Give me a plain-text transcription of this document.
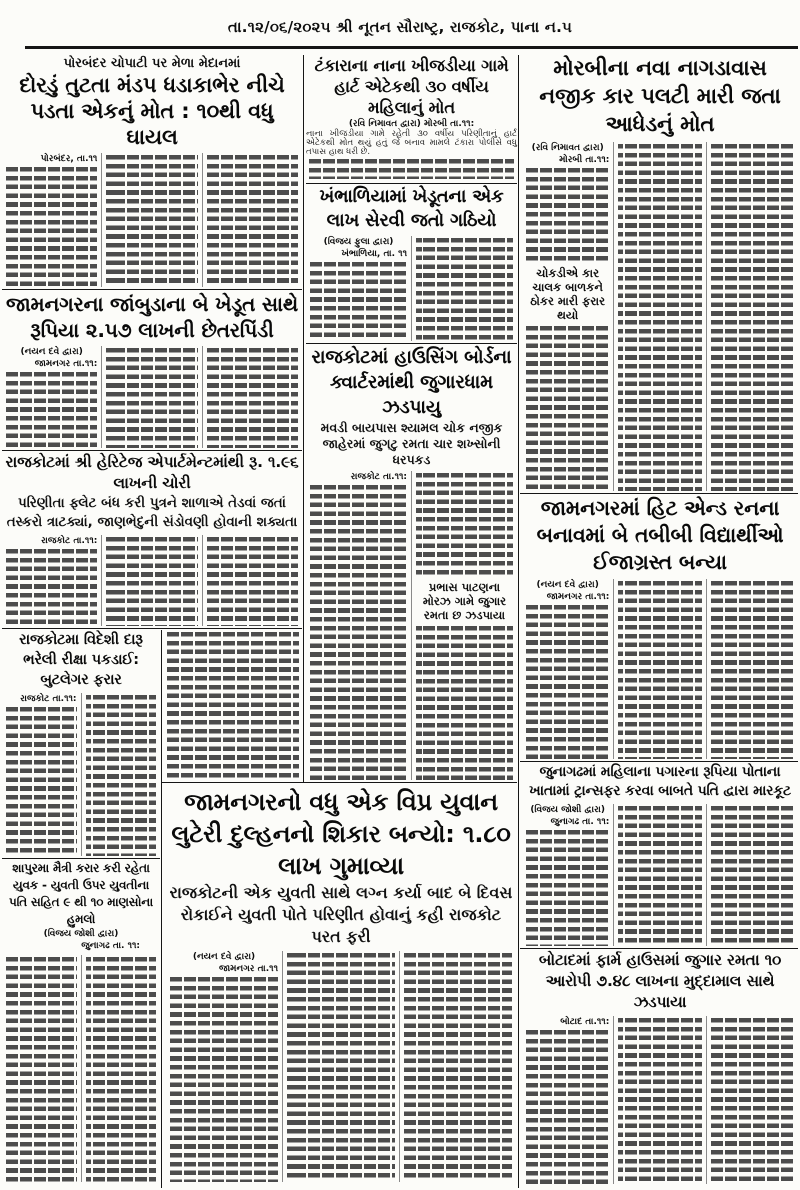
તા.૧૨/૦૬/૨૦૨૫ શ્રી નૂતન સૌરાષ્ટ્ર, રાજકોટ, પાના ન.૫
પોરબંદર ચોપાટી પર મેળા મેદાનમાં
દોરડું તુટતા મંડપ ધડાકાભેર નીચે પડતા એકનું મોત : ૧૦થી વધુ ઘાયલ
પોરબંદર, તા.૧૧
ટંકારાના નાના ખીજડીયા ગામે હાર્ટ એટેકથી ૩૦ વર્ષીય મહિલાનું મોત
(રવિ નિમાવત દ્વારા) મોરબી તા.૧૧:
નાના ખીજડીયા ગામે રહેતી ૩૦ વર્ષીય પરિણીતાનું હાર્ટ એટેકથી મોત થયું હતું જે બનાવ મામલે ટંકારા પોલીસે વધુ તપાસ હાથ ધરી છે.
મોરબીના નવા નાગડાવાસ નજીક કાર પલટી મારી જતા આધેડનું મોત
(રવિ નિમાવત દ્વારા)
મોરબી તા.૧૧:
ચોકડીએ કાર ચાલક બાળકને ઠોકર મારી ફરાર થયો
ખંભાળિયામાં ખેડૂતના એક લાખ સેરવી જતો ગઠિયો
(વિજય ફુલા દ્વારા)
ખંભાળિયા, તા. ૧૧
જામનગરના જાંબુડાના બે ખેડૂત સાથે રૂપિયા ૨.૫૭ લાખની છેતરપિંડી
(નયન દવે દ્વારા)
જામનગર તા.૧૧:	રાજકોટમાં હાઉસિંગ બોર્ડના ક્વાર્ટરમાંથી જુગારધામ ઝડપાયુ
મવડી બાયપાસ શ્યામલ ચોક નજીક જાહેરમાં જુગટુ રમતા ચાર શખ્સોની ધરપકડ
રાજકોટ તા.૧૧:
પ્રભાસ પાટણના મોરઝ ગામે જુગાર રમતા છ ઝડપાયા
રાજકોટમાં શ્રી હેરિટેજ એપાર્ટમેન્ટમાંથી રૂ. ૧.૯૬ લાખની ચોરી
પરિણીતા ફ્લેટ બંધ કરી પુત્રને શાળાએ તેડવાં જતાં તસ્કરો ત્રાટક્યાં, જાણભેદુની સંડોવણી હોવાની શક્યતા
રાજકોટ તા.૧૧:
રાજકોટમા વિદેશી દારૂ ભરેલી રીક્ષા પકડાઈ: બુટલેગર ફરાર
રાજકોટ તા.૧૧:
શાપુરમા મૈત્રી કરાર કરી રહેતા યુવક - યુવતી ઉપર યુવતીના પતિ સહિત ૯ થી ૧૦ માણસોના હુમલો
(વિજય જોશી દ્વારા)
જુનાગઢ તા. ૧૧:
જામનગરનો વધુ એક વિપ્ર યુવાન લુટેરી દુલ્હનનો શિકાર બન્યો: ૧.૮૦ લાખ ગુમાવ્યા
રાજકોટની એક યુવતી સાથે લગ્ન કર્યા બાદ બે દિવસ રોકાઈને યુવતી પોતે પરિણીત હોવાનું કહી રાજકોટ પરત ફરી
(નયન દવે દ્વારા)
જામનગર તા.૧૧
જામનગરમાં હિટ એન્ડ રનના બનાવમાં બે તબીબી વિદ્યાર્થીઓ ઈજાગ્રસ્ત બન્યા
(નયન દવે દ્વારા)
જામનગર તા.૧૧:
જુનાગઢમાં મહિલાના પગારના રૂપિયા પોતાના ખાતામાં ટ્રાન્સફર કરવા બાબતે પતિ દ્વારા મારકૂટ
(વિજય જોશી દ્વારા)
જુનાગઢ તા. ૧૧:
બોટાદમાં ફાર્મ હાઉસમાં જુગાર રમતા ૧૦ આરોપી ૭.૪૮ લાખના મુદ્દામાલ સાથે ઝડપાયા
બોટાદ તા.૧૧:
